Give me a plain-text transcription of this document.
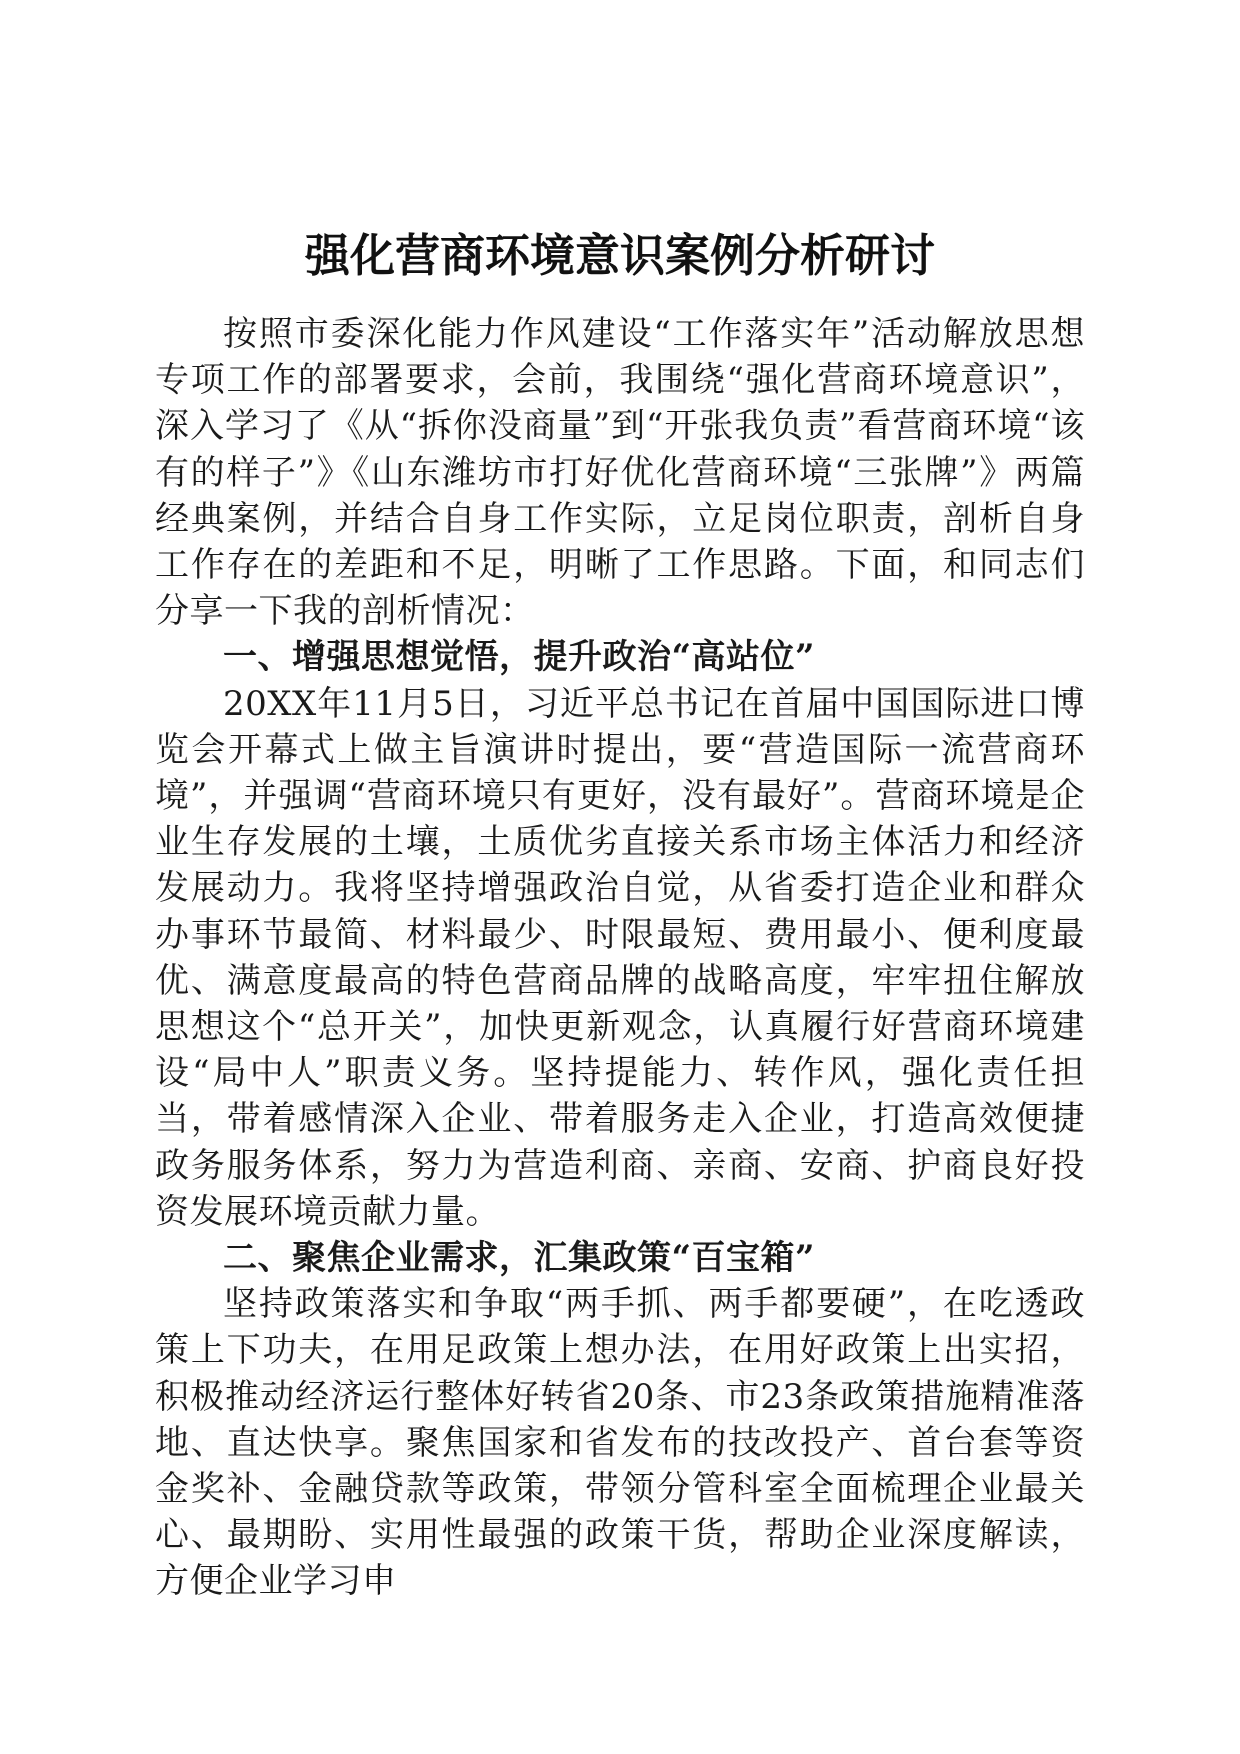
强化营商环境意识案例分析研讨

按照市委深化能力作风建设“工作落实年”活动解放思想专项工作的部署要求，会前，我围绕“强化营商环境意识”，深入学习了《从“拆你没商量”到“开张我负责”看营商环境“该有的样子”》《山东潍坊市打好优化营商环境“三张牌”》两篇经典案例，并结合自身工作实际，立足岗位职责，剖析自身工作存在的差距和不足，明晰了工作思路。下面，和同志们分享一下我的剖析情况：

一、增强思想觉悟，提升政治“高站位”

20XX年11月5日，习近平总书记在首届中国国际进口博览会开幕式上做主旨演讲时提出，要“营造国际一流营商环境”，并强调“营商环境只有更好，没有最好”。营商环境是企业生存发展的土壤，土质优劣直接关系市场主体活力和经济发展动力。我将坚持增强政治自觉，从省委打造企业和群众办事环节最简、材料最少、时限最短、费用最小、便利度最优、满意度最高的特色营商品牌的战略高度，牢牢扭住解放思想这个“总开关”，加快更新观念，认真履行好营商环境建设“局中人”职责义务。坚持提能力、转作风，强化责任担当，带着感情深入企业、带着服务走入企业，打造高效便捷政务服务体系，努力为营造利商、亲商、安商、护商良好投资发展环境贡献力量。

二、聚焦企业需求，汇集政策“百宝箱”

坚持政策落实和争取“两手抓、两手都要硬”，在吃透政策上下功夫，在用足政策上想办法，在用好政策上出实招，积极推动经济运行整体好转省20条、市23条政策措施精准落地、直达快享。聚焦国家和省发布的技改投产、首台套等资金奖补、金融贷款等政策，带领分管科室全面梳理企业最关心、最期盼、实用性最强的政策干货，帮助企业深度解读，方便企业学习申
